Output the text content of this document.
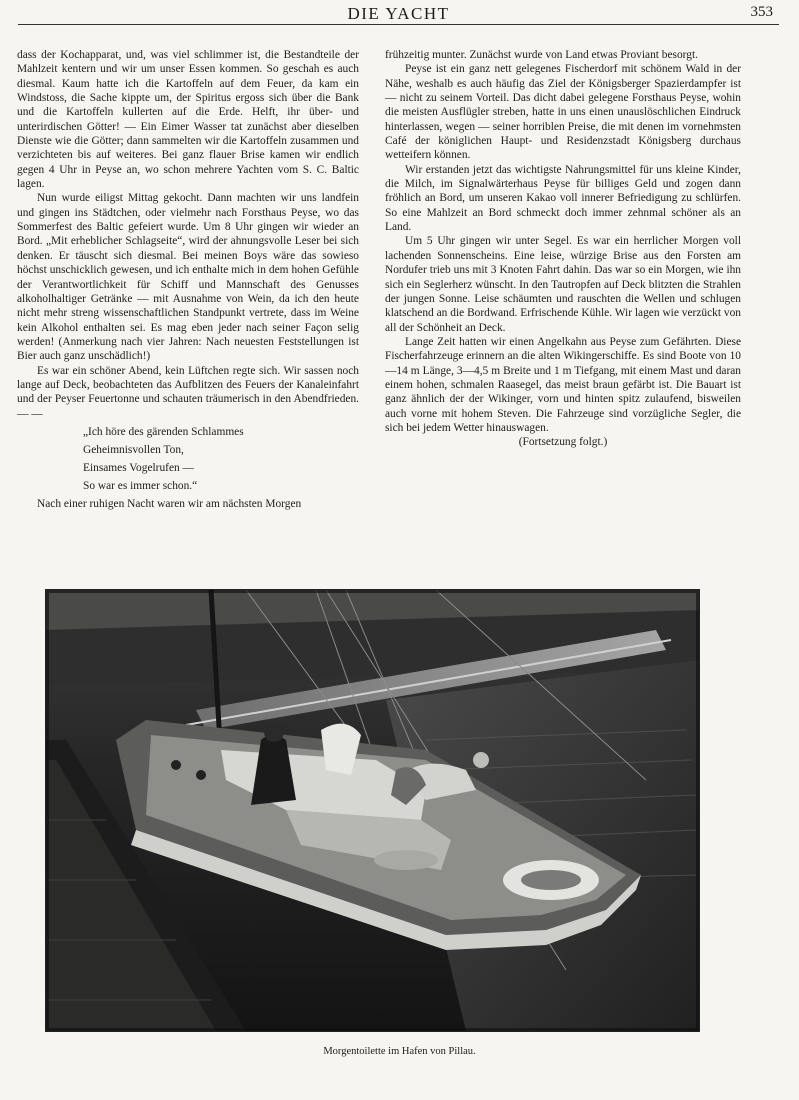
DIE YACHT	353

dass der Kochapparat, und, was viel schlimmer ist, die Bestandteile der Mahlzeit kentern und wir um unser Essen kommen. So geschah es auch diesmal. Kaum hatte ich die Kartoffeln auf dem Feuer, da kam ein Windstoss, die Sache kippte um, der Spiritus ergoss sich über die Bank und die Kartoffeln kullerten auf die Erde. Helft, ihr über- und unterirdischen Götter! — Ein Eimer Wasser tat zunächst aber dieselben Dienste wie die Götter; dann sammelten wir die Kartoffeln zusammen und verzichteten bis auf weiteres. Bei ganz flauer Brise kamen wir endlich gegen 4 Uhr in Peyse an, wo schon mehrere Yachten vom S. C. Baltic lagen.

Nun wurde eiligst Mittag gekocht. Dann machten wir uns landfein und gingen ins Städtchen, oder vielmehr nach Forsthaus Peyse, wo das Sommerfest des Baltic gefeiert wurde. Um 8 Uhr gingen wir wieder an Bord. „Mit erheblicher Schlagseite“, wird der ahnungsvolle Leser bei sich denken. Er täuscht sich diesmal. Bei meinen Boys wäre das sowieso höchst unschicklich gewesen, und ich enthalte mich in dem hohen Gefühle der Verantwortlichkeit für Schiff und Mannschaft des Genusses alkoholhaltiger Getränke — mit Ausnahme von Wein, da ich den heute nicht mehr streng wissenschaftlichen Standpunkt vertrete, dass im Weine kein Alkohol enthalten sei. Es mag eben jeder nach seiner Façon selig werden! (Anmerkung nach vier Jahren: Nach neuesten Feststellungen ist Bier auch ganz unschädlich!)

Es war ein schöner Abend, kein Lüftchen regte sich. Wir sassen noch lange auf Deck, beobachteten das Aufblitzen des Feuers der Kanaleinfahrt und der Peyser Feuertonne und schauten träumerisch in den Abendfrieden. — —

„Ich höre des gärenden Schlammes
Geheimnisvollen Ton,
Einsames Vogelrufen —
So war es immer schon.“

Nach einer ruhigen Nacht waren wir am nächsten Morgen

frühzeitig munter. Zunächst wurde von Land etwas Proviant besorgt.

Peyse ist ein ganz nett gelegenes Fischerdorf mit schönem Wald in der Nähe, weshalb es auch häufig das Ziel der Königsberger Spazierdampfer ist — nicht zu seinem Vorteil. Das dicht dabei gelegene Forsthaus Peyse, wohin die meisten Ausflügler streben, hatte in uns einen unauslöschlichen Eindruck hinterlassen, wegen — seiner horriblen Preise, die mit denen im vornehmsten Café der königlichen Haupt- und Residenzstadt Königsberg durchaus wetteifern können.

Wir erstanden jetzt das wichtigste Nahrungsmittel für uns kleine Kinder, die Milch, im Signalwärterhaus Peyse für billiges Geld und zogen dann fröhlich an Bord, um unseren Kakao voll innerer Befriedigung zu schlürfen. So eine Mahlzeit an Bord schmeckt doch immer zehnmal schöner als an Land.

Um 5 Uhr gingen wir unter Segel. Es war ein herrlicher Morgen voll lachenden Sonnenscheins. Eine leise, würzige Brise aus den Forsten am Nordufer trieb uns mit 3 Knoten Fahrt dahin. Das war so ein Morgen, wie ihn sich ein Seglerherz wünscht. In den Tautropfen auf Deck blitzten die Strahlen der jungen Sonne. Leise schäumten und rauschten die Wellen und schlugen klatschend an die Bordwand. Erfrischende Kühle. Wir lagen wie verzückt von all der Schönheit an Deck.

Lange Zeit hatten wir einen Angelkahn aus Peyse zum Gefährten. Diese Fischerfahrzeuge erinnern an die alten Wikingerschiffe. Es sind Boote von 10—14 m Länge, 3—4,5 m Breite und 1 m Tiefgang, mit einem Mast und daran einem hohen, schmalen Raasegel, das meist braun gefärbt ist. Die Bauart ist ganz ähnlich der der Wikinger, vorn und hinten spitz zulaufend, bisweilen auch vorne mit hohem Steven. Die Fahrzeuge sind vorzügliche Segler, die sich bei jedem Wetter hinauswagen.

(Fortsetzung folgt.)

Morgentoilette im Hafen von Pillau.
